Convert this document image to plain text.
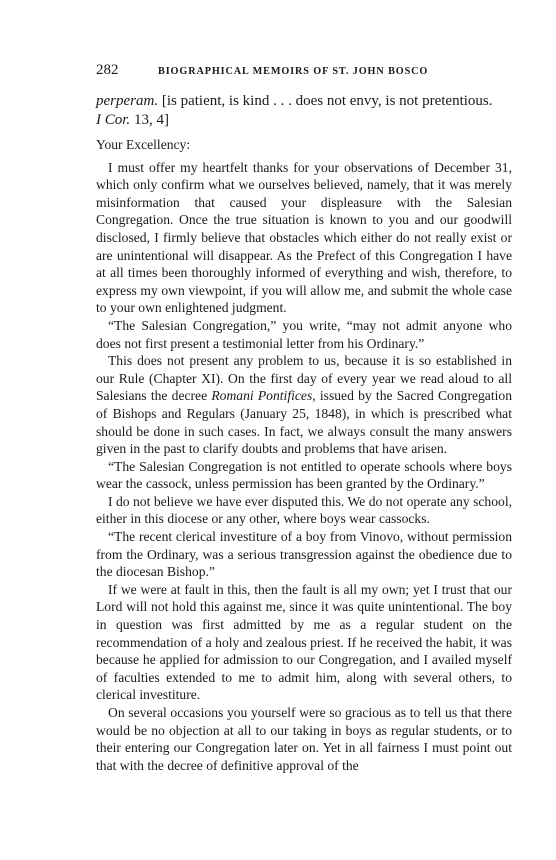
282	BIOGRAPHICAL MEMOIRS OF ST. JOHN BOSCO

perperam. [is patient, is kind . . . does not envy, is not pretentious.
I Cor. 13, 4]

Your Excellency:

I must offer my heartfelt thanks for your observations of December 31, which only confirm what we ourselves believed, namely, that it was merely misinformation that caused your displeasure with the Salesian Congregation. Once the true situation is known to you and our goodwill disclosed, I firmly believe that obstacles which either do not really exist or are unintentional will disappear. As the Prefect of this Congregation I have at all times been thoroughly informed of everything and wish, therefore, to express my own viewpoint, if you will allow me, and submit the whole case to your own enlightened judgment.

“The Salesian Congregation,” you write, “may not admit anyone who does not first present a testimonial letter from his Ordinary.”

This does not present any problem to us, because it is so established in our Rule (Chapter XI). On the first day of every year we read aloud to all Salesians the decree Romani Pontifices, issued by the Sacred Congregation of Bishops and Regulars (January 25, 1848), in which is prescribed what should be done in such cases. In fact, we always consult the many answers given in the past to clarify doubts and problems that have arisen.

“The Salesian Congregation is not entitled to operate schools where boys wear the cassock, unless permission has been granted by the Ordinary.”

I do not believe we have ever disputed this. We do not operate any school, either in this diocese or any other, where boys wear cassocks.

“The recent clerical investiture of a boy from Vinovo, without permission from the Ordinary, was a serious transgression against the obedience due to the diocesan Bishop.”

If we were at fault in this, then the fault is all my own; yet I trust that our Lord will not hold this against me, since it was quite unintentional. The boy in question was first admitted by me as a regular student on the recommendation of a holy and zealous priest. If he received the habit, it was because he applied for admission to our Congregation, and I availed myself of faculties extended to me to admit him, along with several others, to clerical investiture.

On several occasions you yourself were so gracious as to tell us that there would be no objection at all to our taking in boys as regular students, or to their entering our Congregation later on. Yet in all fairness I must point out that with the decree of definitive approval of the
